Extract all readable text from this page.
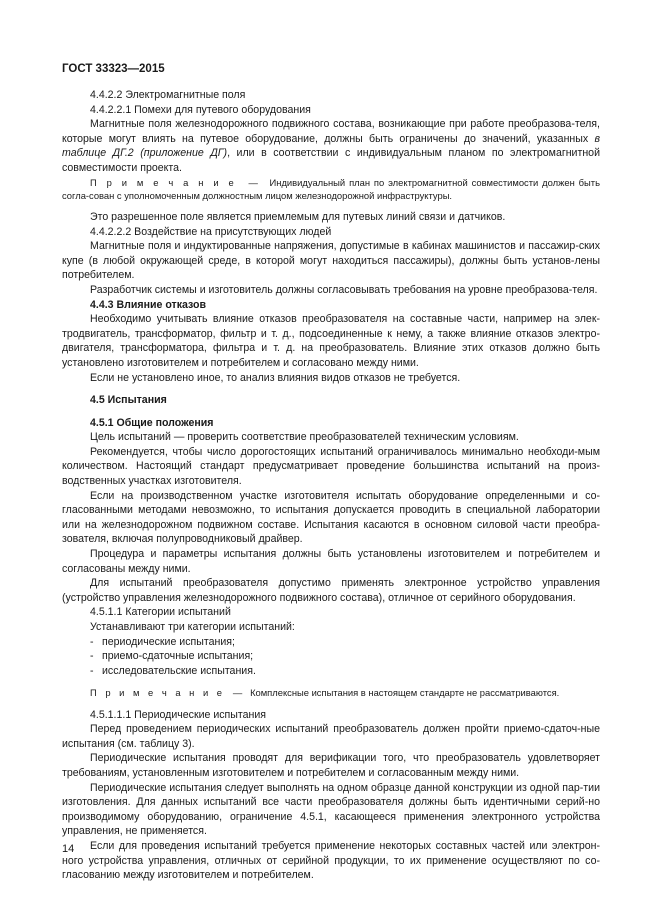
ГОСТ 33323—2015

4.4.2.2 Электромагнитные поля

4.4.2.2.1 Помехи для путевого оборудования

Магнитные поля железнодорожного подвижного состава, возникающие при работе преобразова-теля, которые могут влиять на путевое оборудование, должны быть ограничены до значений, указанных в таблице ДГ.2 (приложение ДГ), или в соответствии с индивидуальным планом по электромагнитной совместимости проекта.

П р и м е ч а н и е — Индивидуальный план по электромагнитной совместимости должен быть согла-сован с уполномоченным должностным лицом железнодорожной инфраструктуры.

Это разрешенное поле является приемлемым для путевых линий связи и датчиков.

4.4.2.2.2 Воздействие на присутствующих людей

Магнитные поля и индуктированные напряжения, допустимые в кабинах машинистов и пассажир-ских купе (в любой окружающей среде, в которой могут находиться пассажиры), должны быть установ-лены потребителем.

Разработчик системы и изготовитель должны согласовывать требования на уровне преобразова-теля.

4.4.3 Влияние отказов

Необходимо учитывать влияние отказов преобразователя на составные части, например на элек-тродвигатель, трансформатор, фильтр и т. д., подсоединенные к нему, а также влияние отказов электро-двигателя, трансформатора, фильтра и т. д. на преобразователь. Влияние этих отказов должно быть установлено изготовителем и потребителем и согласовано между ними.

Если не установлено иное, то анализ влияния видов отказов не требуется.

4.5 Испытания

4.5.1 Общие положения

Цель испытаний — проверить соответствие преобразователей техническим условиям.

Рекомендуется, чтобы число дорогостоящих испытаний ограничивалось минимально необходи-мым количеством. Настоящий стандарт предусматривает проведение большинства испытаний на произ-водственных участках изготовителя.

Если на производственном участке изготовителя испытать оборудование определенными и со-гласованными методами невозможно, то испытания допускается проводить в специальной лаборатории или на железнодорожном подвижном составе. Испытания касаются в основном силовой части преобра-зователя, включая полупроводниковый драйвер.

Процедура и параметры испытания должны быть установлены изготовителем и потребителем и согласованы между ними.

Для испытаний преобразователя допустимо применять электронное устройство управления (устройство управления железнодорожного подвижного состава), отличное от серийного оборудования.

4.5.1.1 Категории испытаний

Устанавливают три категории испытаний:

- периодические испытания;

- приемо-сдаточные испытания;

- исследовательские испытания.

П р и м е ч а н и е — Комплексные испытания в настоящем стандарте не рассматриваются.

4.5.1.1.1 Периодические испытания

Перед проведением периодических испытаний преобразователь должен пройти приемо-сдаточ-ные испытания (см. таблицу 3).

Периодические испытания проводят для верификации того, что преобразователь удовлетворяет требованиям, установленным изготовителем и потребителем и согласованным между ними.

Периодические испытания следует выполнять на одном образце данной конструкции из одной пар-тии изготовления. Для данных испытаний все части преобразователя должны быть идентичными серий-но производимому оборудованию, ограничение 4.5.1, касающееся применения электронного устройства управления, не применяется.

Если для проведения испытаний требуется применение некоторых составных частей или электрон-ного устройства управления, отличных от серийной продукции, то их применение осуществляют по со-гласованию между изготовителем и потребителем.

14
